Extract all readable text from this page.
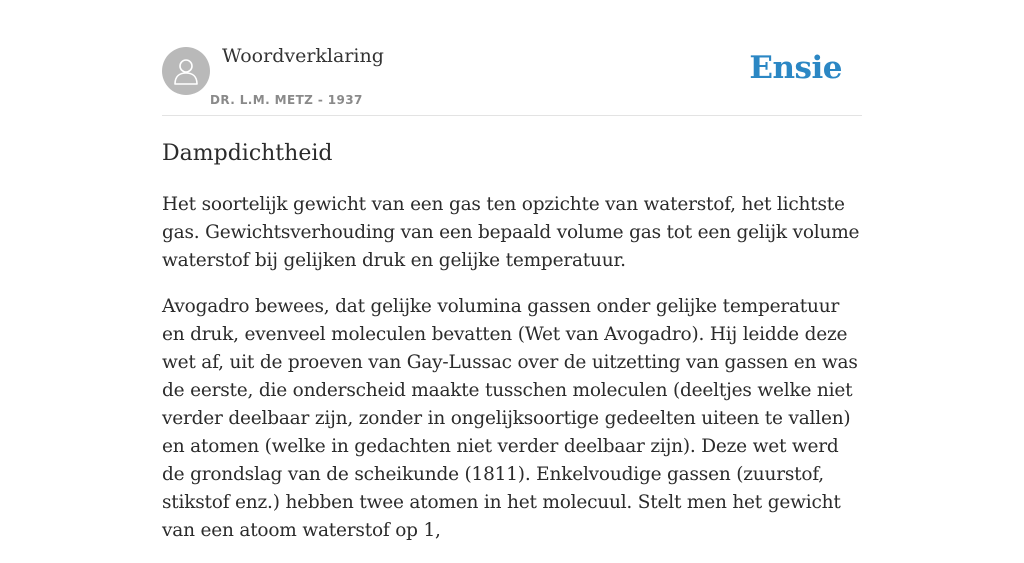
Woordverklaring
DR. L.M. METZ - 1937
Ensie
Dampdichtheid

Het soortelijk gewicht van een gas ten opzichte van waterstof, het lichtste gas. Gewichtsverhouding van een bepaald volume gas tot een gelijk volume waterstof bij gelijken druk en gelijke temperatuur.

Avogadro bewees, dat gelijke volumina gassen onder gelijke temperatuur en druk, evenveel moleculen bevatten (Wet van Avogadro). Hij leidde deze wet af, uit de proeven van Gay-Lussac over de uitzetting van gassen en was de eerste, die onderscheid maakte tusschen moleculen (deeltjes welke niet verder deelbaar zijn, zonder in ongelijksoortige gedeelten uiteen te vallen) en atomen (welke in gedachten niet verder deelbaar zijn). Deze wet werd de grondslag van de scheikunde (1811). Enkelvoudige gassen (zuurstof, stikstof enz.) hebben twee atomen in het molecuul. Stelt men het gewicht van een atoom waterstof op 1,
